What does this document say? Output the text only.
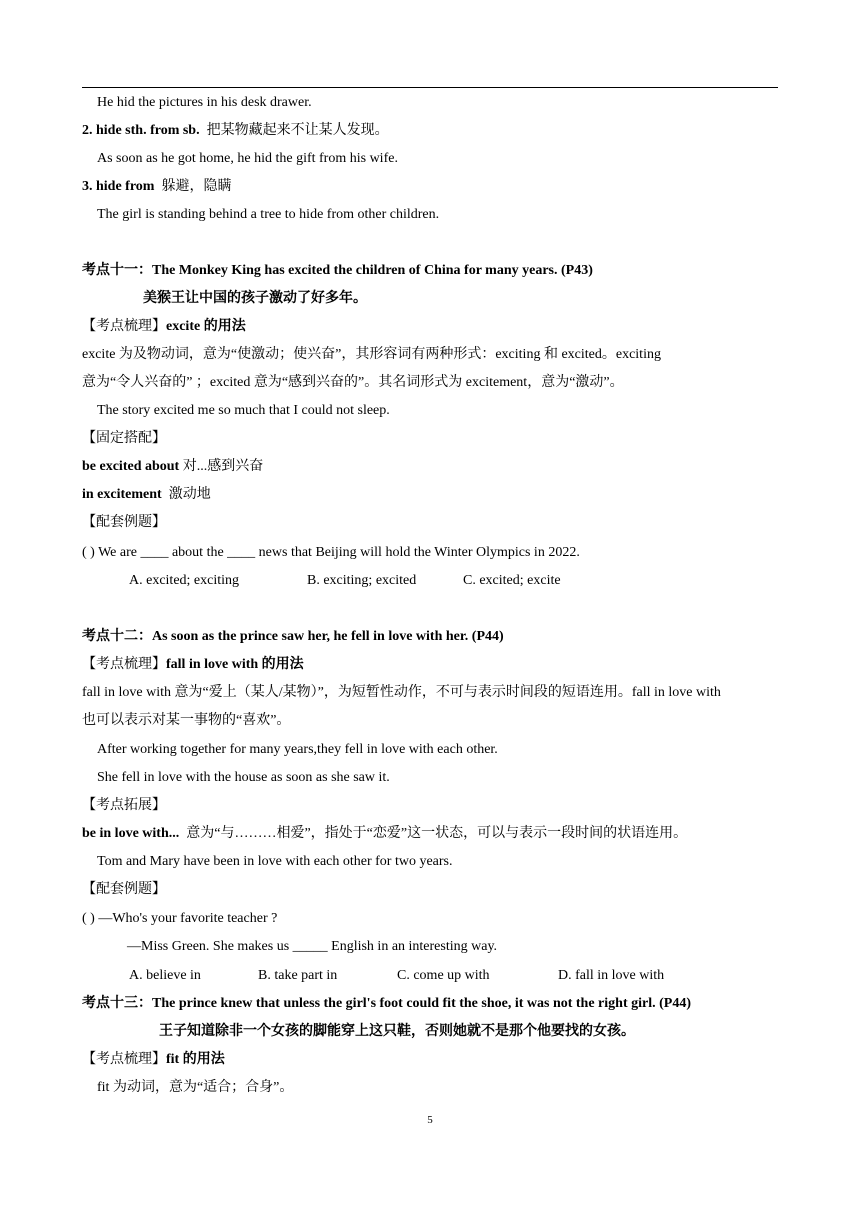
He hid the pictures in his desk drawer.
2. hide sth. from sb. 把某物藏起来不让某人发现。
As soon as he got home, he hid the gift from his wife.
3. hide from 躲避，隐瞒
The girl is standing behind a tree to hide from other children.
考点十一：The Monkey King has excited the children of China for many years. (P43)
美猴王让中国的孩子激动了好多年。
【考点梳理】excite 的用法
excite 为及物动词，意为“使激动；使兴奋”，其形容词有两种形式：exciting 和 excited。exciting
意为“令人兴奋的” ；excited 意为“感到兴奋的”。其名词形式为 excitement，意为“激动”。
The story excited me so much that I could not sleep.
【固定搭配】
be excited about 对...感到兴奋
in excitement 激动地
【配套例题】
( ) We are ____ about the ____ news that Beijing will hold the Winter Olympics in 2022.
A. excited; exciting	B. exciting; excited	C. excited; excite
考点十二：As soon as the prince saw her, he fell in love with her. (P44)
【考点梳理】fall in love with 的用法
fall in love with 意为“爱上（某人/某物）”，为短暂性动作，不可与表示时间段的短语连用。fall in love with
也可以表示对某一事物的“喜欢”。
After working together for many years,they fell in love with each other.
She fell in love with the house as soon as she saw it.
【考点拓展】
be in love with... 意为“与………相爱”，指处于“恋爱”这一状态，可以与表示一段时间的状语连用。
Tom and Mary have been in love with each other for two years.
【配套例题】
( ) —Who's your favorite teacher ?
—Miss Green. She makes us _____ English in an interesting way.
A. believe in	B. take part in	C. come up with	D. fall in love with
考点十三：The prince knew that unless the girl's foot could fit the shoe, it was not the right girl. (P44)
王子知道除非一个女孩的脚能穿上这只鞋，否则她就不是那个他要找的女孩。
【考点梳理】fit 的用法
fit 为动词，意为“适合；合身”。
5
